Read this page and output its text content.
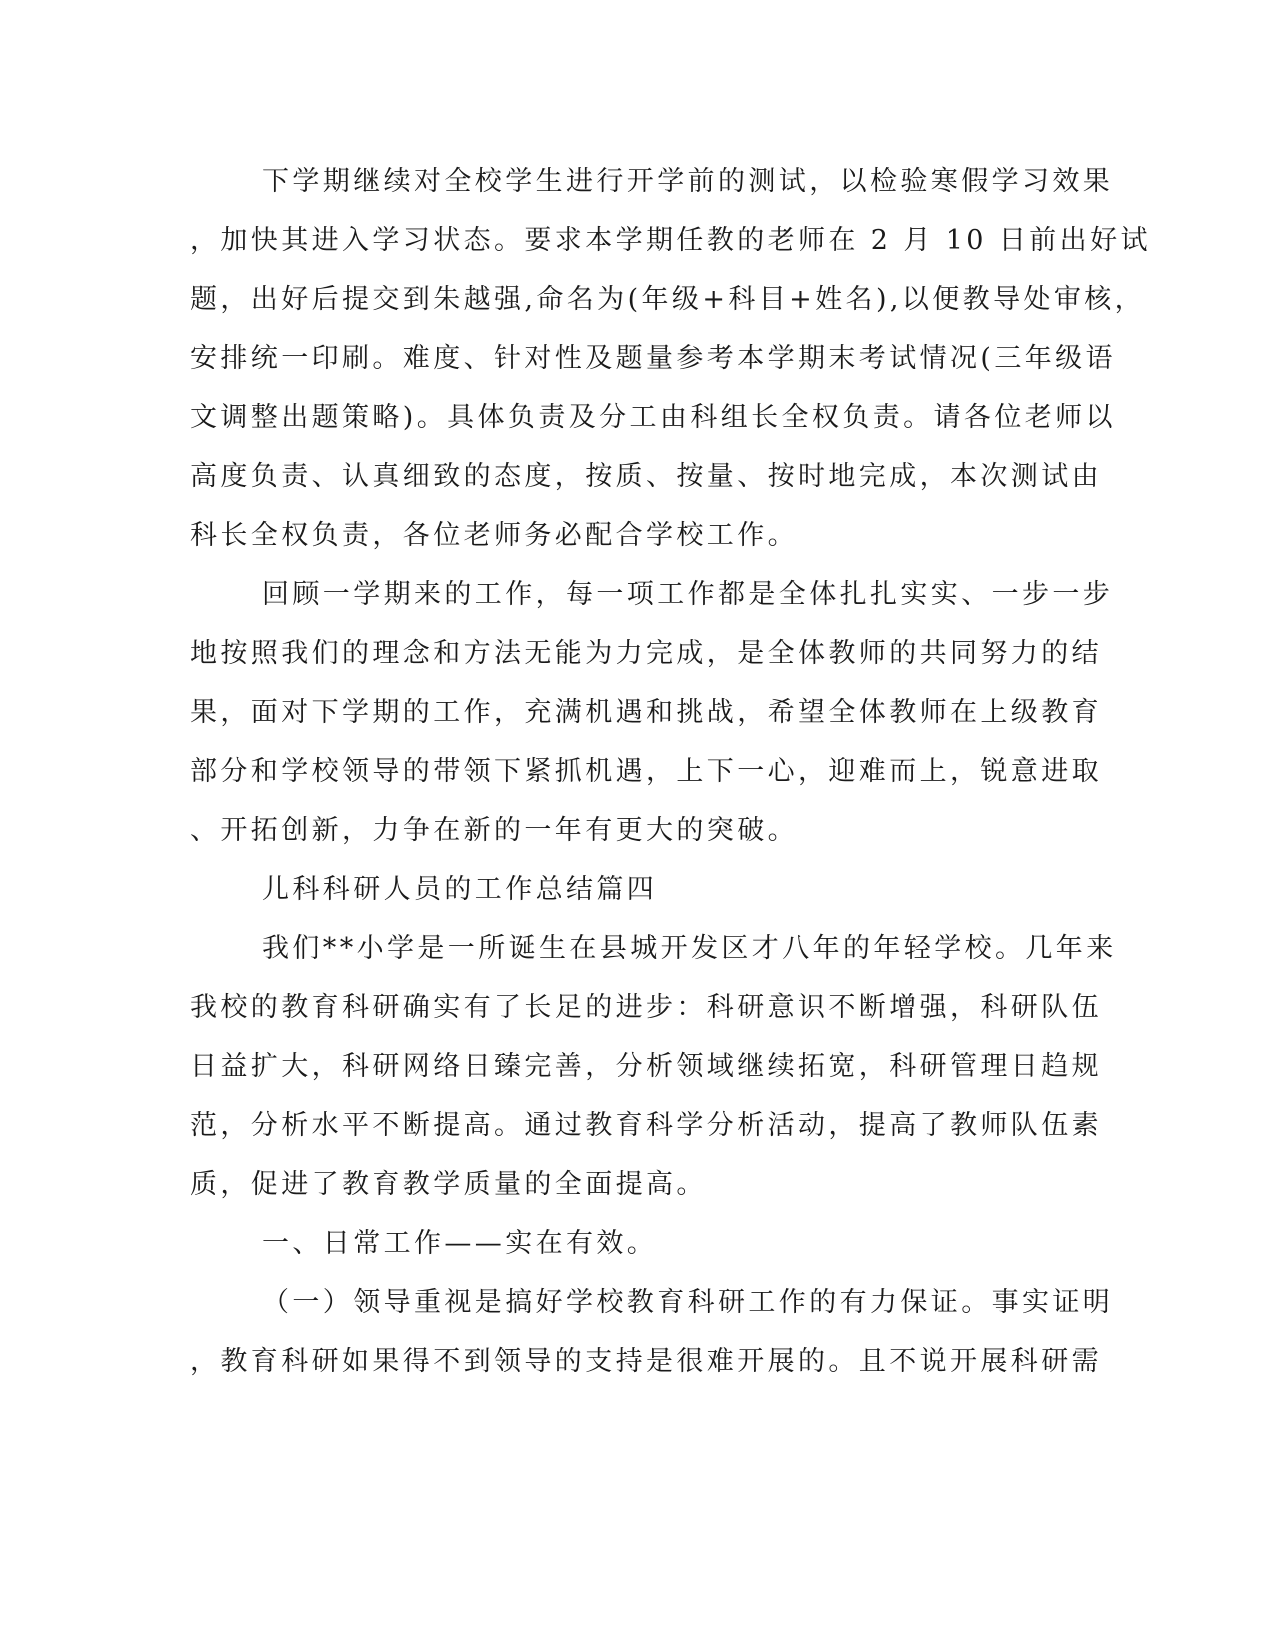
下学期继续对全校学生进行开学前的测试，以检验寒假学习效果
，加快其进入学习状态。要求本学期任教的老师在 2 月 10 日前出好试
题，出好后提交到朱越强,命名为(年级+科目+姓名),以便教导处审核，
安排统一印刷。难度、针对性及题量参考本学期末考试情况(三年级语
文调整出题策略)。具体负责及分工由科组长全权负责。请各位老师以
高度负责、认真细致的态度，按质、按量、按时地完成，本次测试由
科长全权负责，各位老师务必配合学校工作。
回顾一学期来的工作，每一项工作都是全体扎扎实实、一步一步
地按照我们的理念和方法无能为力完成，是全体教师的共同努力的结
果，面对下学期的工作，充满机遇和挑战，希望全体教师在上级教育
部分和学校领导的带领下紧抓机遇，上下一心，迎难而上，锐意进取
、开拓创新，力争在新的一年有更大的突破。
儿科科研人员的工作总结篇四
我们**小学是一所诞生在县城开发区才八年的年轻学校。几年来
我校的教育科研确实有了长足的进步：科研意识不断增强，科研队伍
日益扩大，科研网络日臻完善，分析领域继续拓宽，科研管理日趋规
范，分析水平不断提高。通过教育科学分析活动，提高了教师队伍素
质，促进了教育教学质量的全面提高。
一、日常工作——实在有效。
（一）领导重视是搞好学校教育科研工作的有力保证。事实证明
，教育科研如果得不到领导的支持是很难开展的。且不说开展科研需
